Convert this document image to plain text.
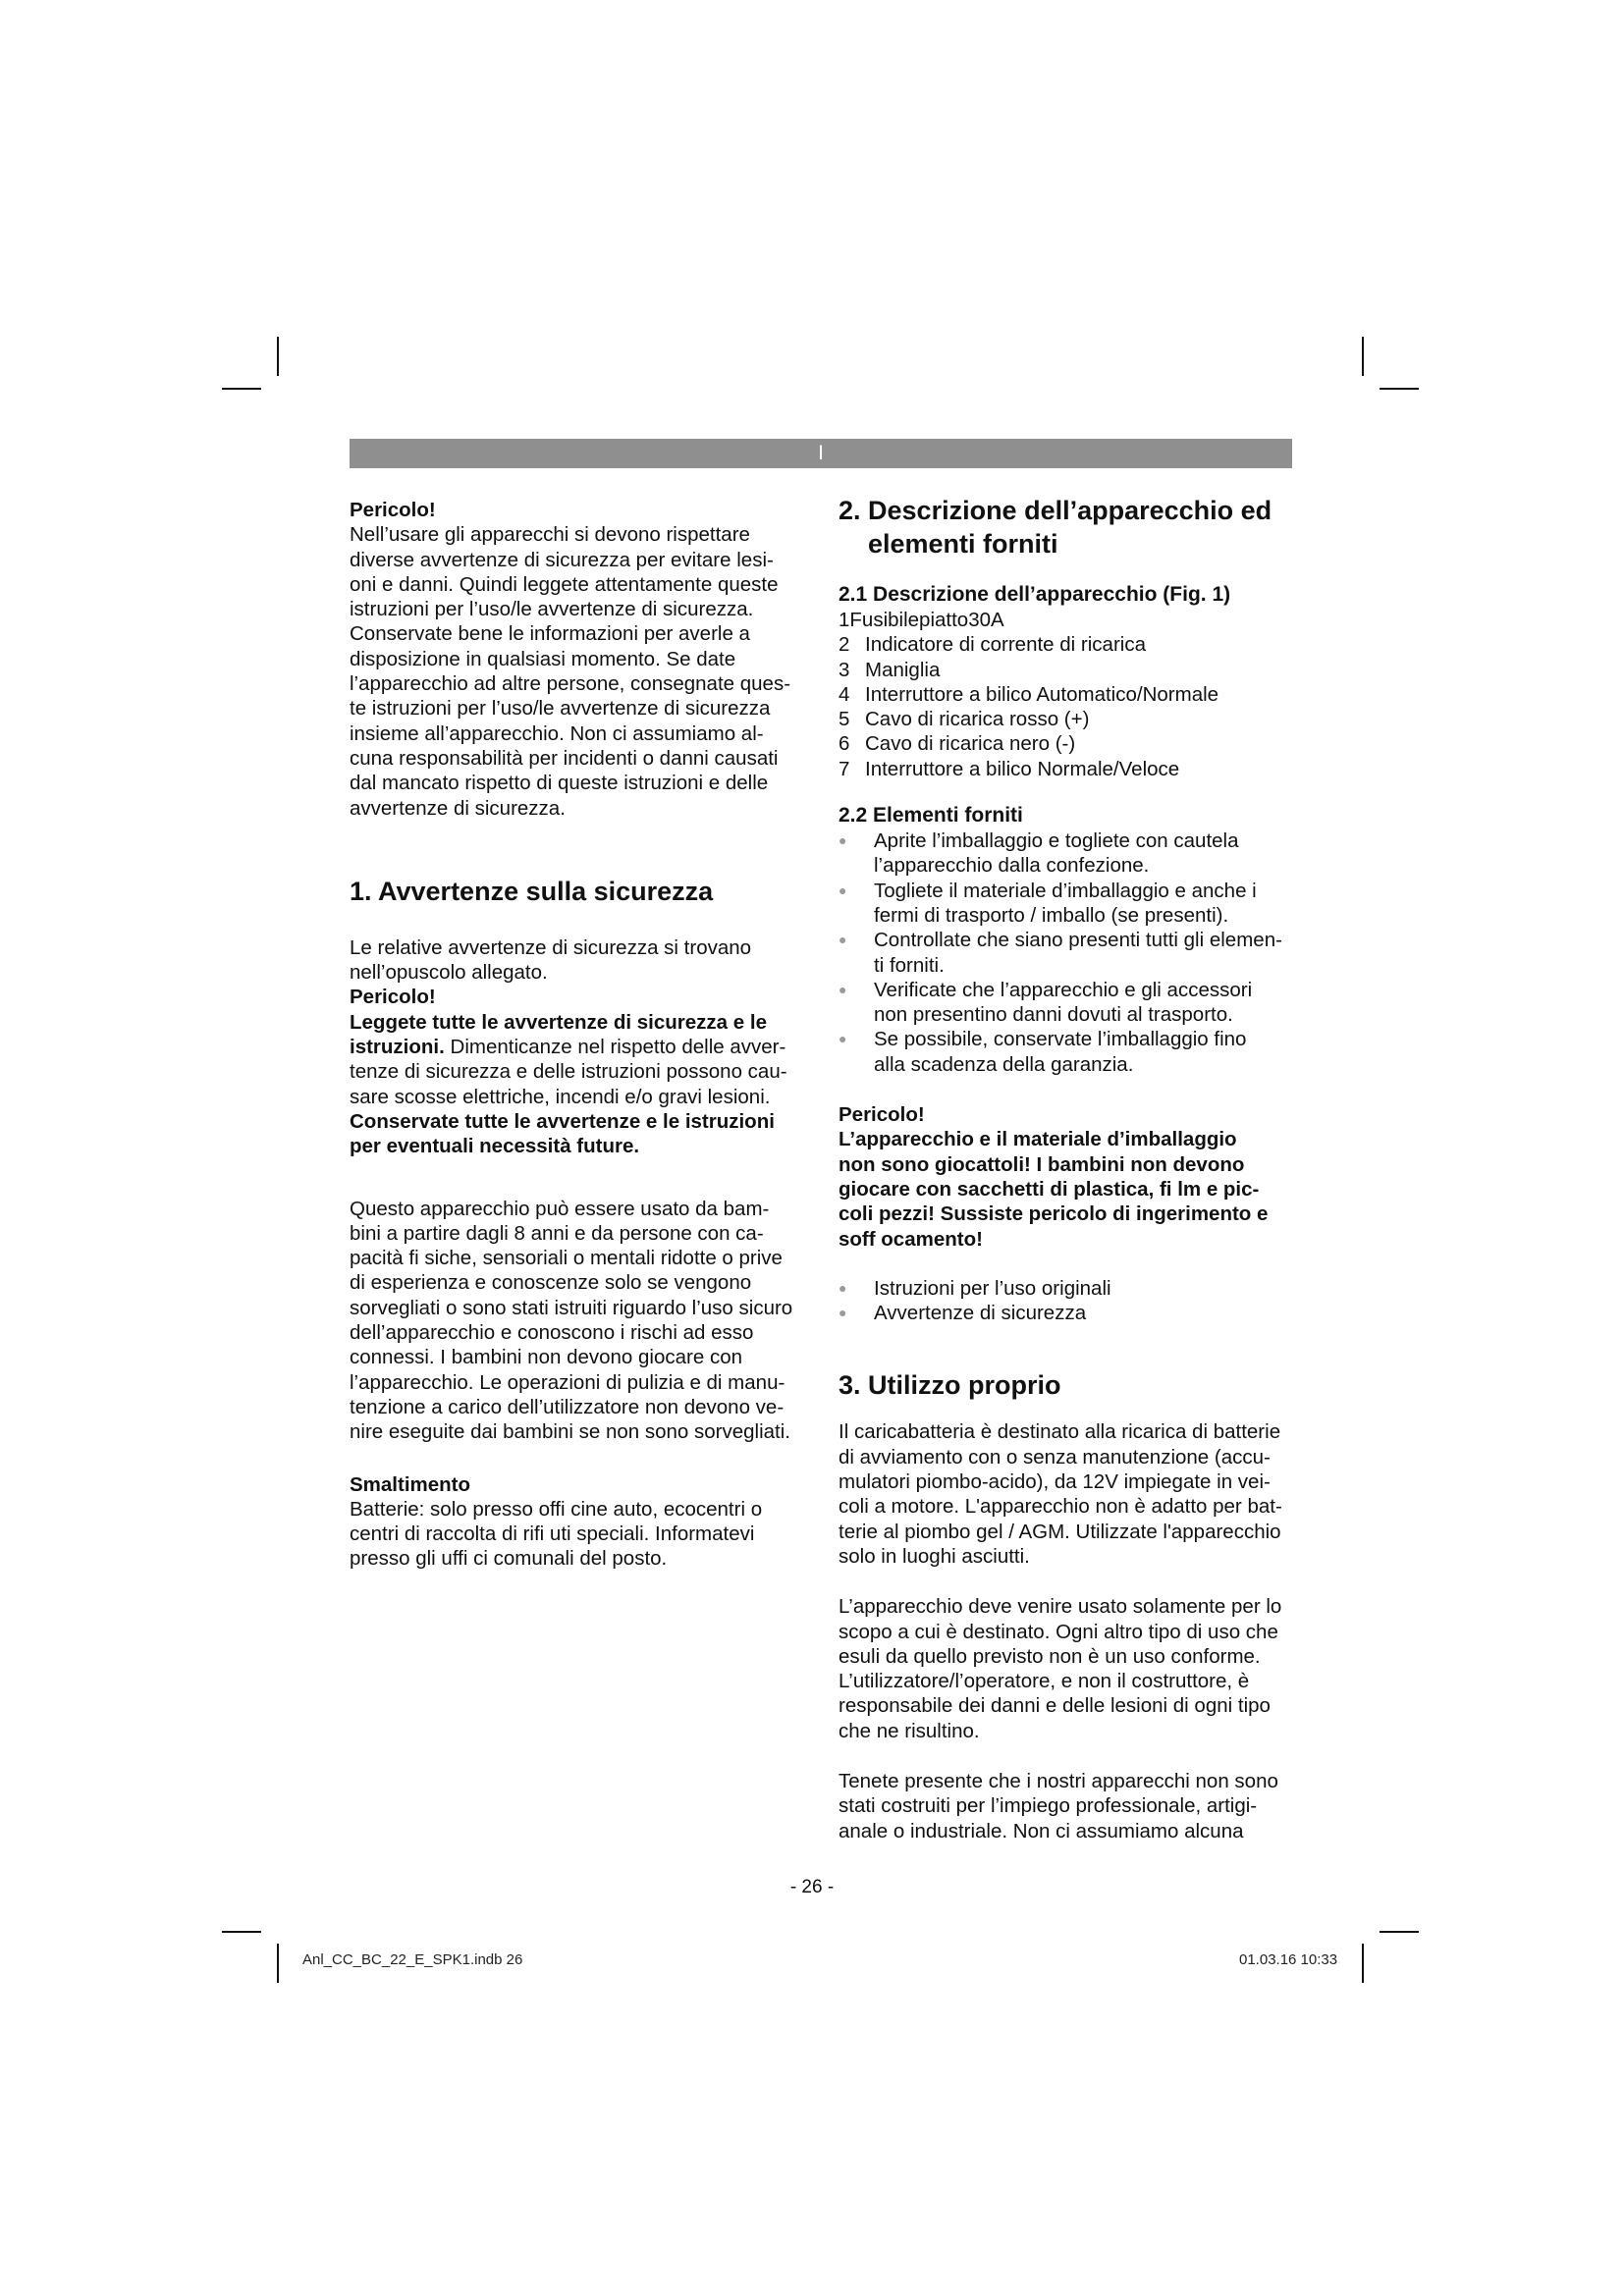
I

Pericolo!

Nell’usare gli apparecchi si devono rispettare

diverse avvertenze di sicurezza per evitare lesi-

oni e danni. Quindi leggete attentamente queste

istruzioni per l’uso/le avvertenze di sicurezza.

Conservate bene le informazioni per averle a

disposizione in qualsiasi momento. Se date

l’apparecchio ad altre persone, consegnate ques-

te istruzioni per l’uso/le avvertenze di sicurezza

insieme all’apparecchio. Non ci assumiamo al-

cuna responsabilità per incidenti o danni causati

dal mancato rispetto di queste istruzioni e delle

avvertenze di sicurezza.

1. Avvertenze sulla sicurezza

Le relative avvertenze di sicurezza si trovano

nell’opuscolo allegato.

Pericolo!

Leggete tutte le avvertenze di sicurezza e le

istruzioni. Dimenticanze nel rispetto delle avver-

tenze di sicurezza e delle istruzioni possono cau-

sare scosse elettriche, incendi e/o gravi lesioni.

Conservate tutte le avvertenze e le istruzioni

per eventuali necessità future.

Questo apparecchio può essere usato da bam-

bini a partire dagli 8 anni e da persone con ca-

pacità fi siche, sensoriali o mentali ridotte o prive

di esperienza e conoscenze solo se vengono

sorvegliati o sono stati istruiti riguardo l’uso sicuro

dell’apparecchio e conoscono i rischi ad esso

connessi. I bambini non devono giocare con

l’apparecchio. Le operazioni di pulizia e di manu-

tenzione a carico dell’utilizzatore non devono ve-

nire eseguite dai bambini se non sono sorvegliati.

Smaltimento

Batterie: solo presso offi cine auto, ecocentri o

centri di raccolta di rifi uti speciali. Informatevi

presso gli uffi ci comunali del posto.

2. Descrizione dell’apparecchio ed

elementi forniti

2.1 Descrizione dell’apparecchio (Fig. 1)

1Fusibilepiatto30A

2 Indicatore di corrente di ricarica
3 Maniglia
4 Interruttore a bilico Automatico/Normale
5 Cavo di ricarica rosso (+)
6 Cavo di ricarica nero (-)
7 Interruttore a bilico Normale/Veloce

2.2 Elementi forniti

●	Aprite l’imballaggio e togliete con cautela

l’apparecchio dalla confezione.

●	Togliete il materiale d’imballaggio e anche i

fermi di trasporto / imballo (se presenti).

●	Controllate che siano presenti tutti gli elemen-

ti forniti.

●	Verificate che l’apparecchio e gli accessori

non presentino danni dovuti al trasporto.

●	Se possibile, conservate l’imballaggio fino

alla scadenza della garanzia.

Pericolo!

L’apparecchio e il materiale d’imballaggio

non sono giocattoli! I bambini non devono

giocare con sacchetti di plastica, fi lm e pic-

coli pezzi! Sussiste pericolo di ingerimento e

soff ocamento!

●	Istruzioni per l’uso originali
●	Avvertenze di sicurezza

3. Utilizzo proprio

Il caricabatteria è destinato alla ricarica di batterie

di avviamento con o senza manutenzione (accu-

mulatori piombo-acido), da 12V impiegate in vei-

coli a motore. L'apparecchio non è adatto per bat-

terie al piombo gel / AGM. Utilizzate l'apparecchio

solo in luoghi asciutti.

L’apparecchio deve venire usato solamente per lo

scopo a cui è destinato. Ogni altro tipo di uso che

esuli da quello previsto non è un uso conforme.

L’utilizzatore/l’operatore, e non il costruttore, è

responsabile dei danni e delle lesioni di ogni tipo

che ne risultino.

Tenete presente che i nostri apparecchi non sono

stati costruiti per l’impiego professionale, artigi-

anale o industriale. Non ci assumiamo alcuna

- 26 -
Anl_CC_BC_22_E_SPK1.indb 26	01.03.16 10:33
